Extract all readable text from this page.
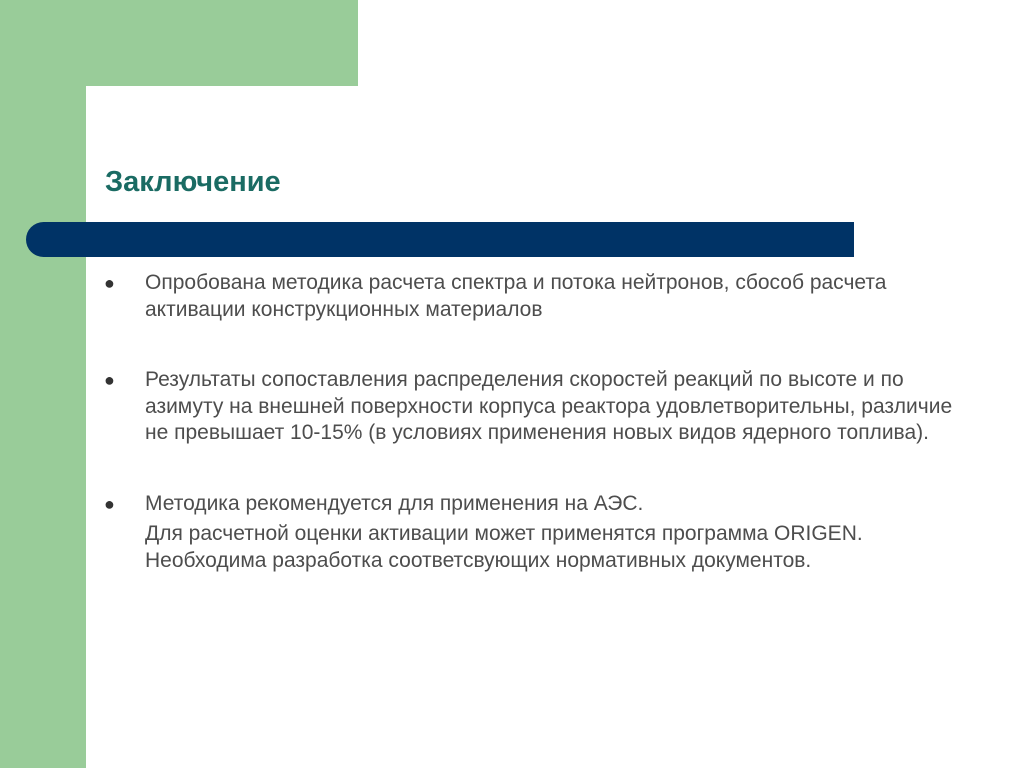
Заключение
● Опробована методика расчета спектра и потока нейтронов, сбособ расчета активации конструкционных материалов
● Результаты сопоставления распределения скоростей реакций по высоте и по азимуту на внешней поверхности корпуса реактора удовлетворительны, различие не превышает 10-15% (в условиях применения новых видов ядерного топлива).
● Методика рекомендуется для применения на АЭС.
Для расчетной оценки активации может применятся программа ORIGEN. Необходима разработка соответсвующих нормативных документов.
